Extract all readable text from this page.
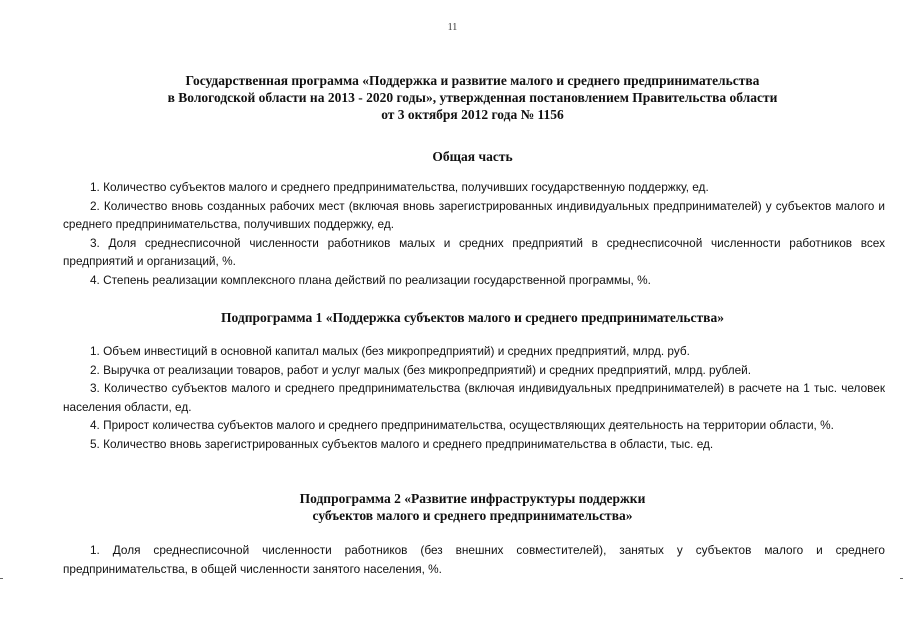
11
Государственная программа «Поддержка и развитие малого и среднего предпринимательства
в Вологодской области на 2013 - 2020 годы», утвержденная постановлением Правительства области
от 3 октября 2012 года № 1156
Общая часть

1. Количество субъектов малого и среднего предпринимательства, получивших государственную поддержку, ед.

2. Количество вновь созданных рабочих мест (включая вновь зарегистрированных индивидуальных предпринимателей) у субъектов малого и среднего предпринимательства, получивших поддержку, ед.

3. Доля среднесписочной численности работников малых и средних предприятий в среднесписочной численности работников всех предприятий и организаций, %.

4. Степень реализации комплексного плана действий по реализации государственной программы, %.

Подпрограмма 1 «Поддержка субъектов малого и среднего предпринимательства»

1. Объем инвестиций в основной капитал малых (без микропредприятий) и средних предприятий, млрд. руб.

2. Выручка от реализации товаров, работ и услуг малых (без микропредприятий) и средних предприятий, млрд. рублей.

3. Количество субъектов малого и среднего предпринимательства (включая индивидуальных предпринимателей) в расчете на 1 тыс. человек населения области, ед.

4. Прирост количества субъектов малого и среднего предпринимательства, осуществляющих деятельность на территории области, %.

5. Количество вновь зарегистрированных субъектов малого и среднего предпринимательства в области, тыс. ед.

Подпрограмма 2 «Развитие инфраструктуры поддержки
субъектов малого и среднего предпринимательства»

1. Доля среднесписочной численности работников (без внешних совместителей), занятых у субъектов малого и среднего предпринимательства, в общей численности занятого населения, %.
